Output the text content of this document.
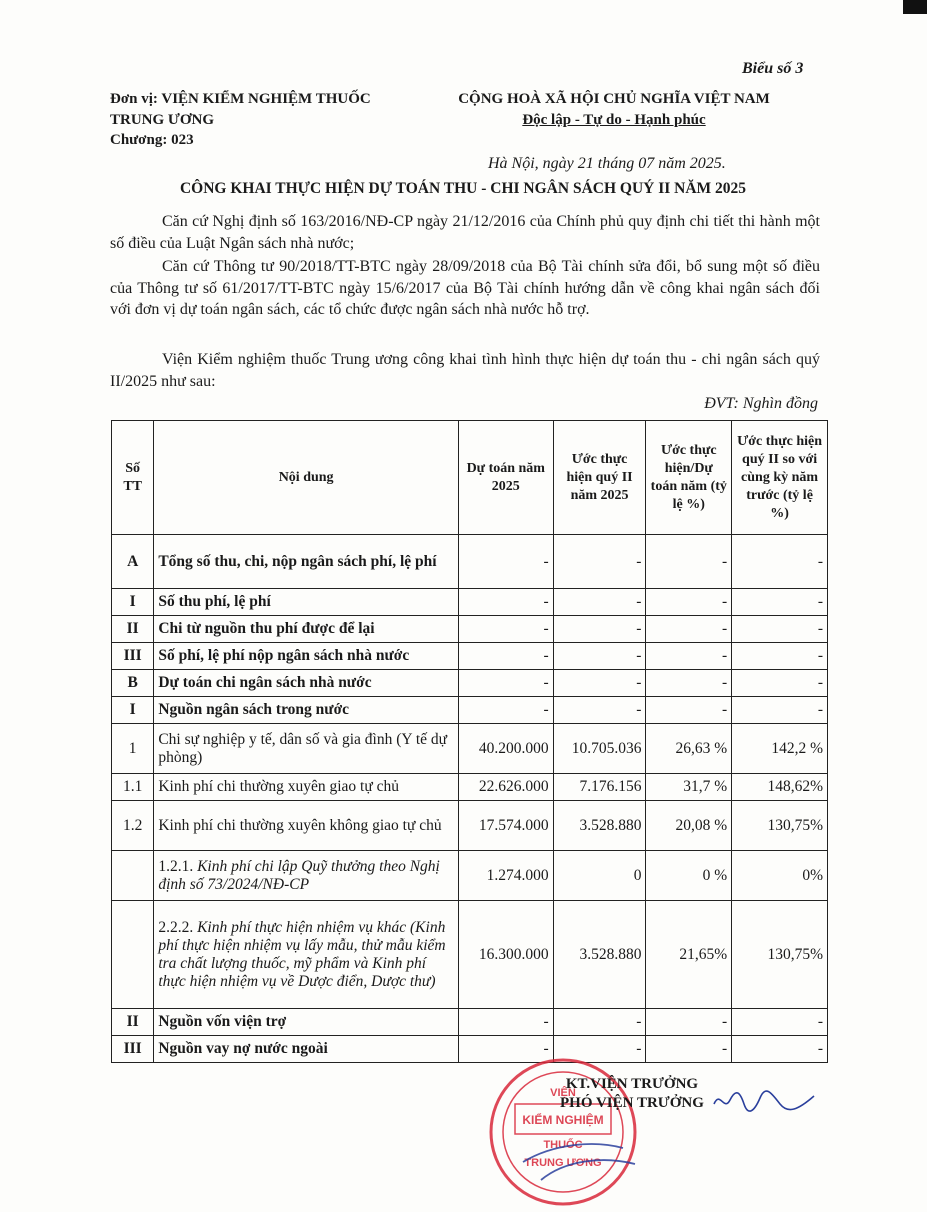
Biểu số 3
Đơn vị: VIỆN KIỂM NGHIỆM THUỐC
TRUNG ƯƠNG
Chương: 023
CỘNG HOÀ XÃ HỘI CHỦ NGHĨA VIỆT NAM
Độc lập - Tự do - Hạnh phúc
Hà Nội, ngày 21 tháng 07 năm 2025.
CÔNG KHAI THỰC HIỆN DỰ TOÁN THU - CHI NGÂN SÁCH QUÝ II NĂM 2025
Căn cứ Nghị định số 163/2016/NĐ-CP ngày 21/12/2016 của Chính phủ quy định chi tiết thi hành một số điều của Luật Ngân sách nhà nước;
Căn cứ Thông tư 90/2018/TT-BTC ngày 28/09/2018 của Bộ Tài chính sửa đổi, bổ sung một số điều của Thông tư số 61/2017/TT-BTC ngày 15/6/2017 của Bộ Tài chính hướng dẫn về công khai ngân sách đối với đơn vị dự toán ngân sách, các tổ chức được ngân sách nhà nước hỗ trợ.
Viện Kiểm nghiệm thuốc Trung ương công khai tình hình thực hiện dự toán thu - chi ngân sách quý II/2025 như sau:
ĐVT: Nghìn đồng
Số TT	Nội dung	Dự toán năm 2025	Ước thực hiện quý II năm 2025	Ước thực hiện/Dự toán năm (tỷ lệ %)	Ước thực hiện quý II so với cùng kỳ năm trước (tỷ lệ %)
A	Tổng số thu, chi, nộp ngân sách phí, lệ phí	-	-	-	-
I	Số thu phí, lệ phí	-	-	-	-
II	Chi từ nguồn thu phí được để lại	-	-	-	-
III	Số phí, lệ phí nộp ngân sách nhà nước	-	-	-	-
B	Dự toán chi ngân sách nhà nước	-	-	-	-
I	Nguồn ngân sách trong nước	-	-	-	-
1	Chi sự nghiệp y tế, dân số và gia đình (Y tế dự phòng)	40.200.000	10.705.036	26,63 %	142,2 %
1.1	Kinh phí chi thường xuyên giao tự chủ	22.626.000	7.176.156	31,7 %	148,62%
1.2	Kinh phí chi thường xuyên không giao tự chủ	17.574.000	3.528.880	20,08 %	130,75%
	1.2.1. Kinh phí chi lập Quỹ thưởng theo Nghị định số 73/2024/NĐ-CP	1.274.000	0	0 %	0%
	2.2.2. Kinh phí thực hiện nhiệm vụ khác (Kinh phí thực hiện nhiệm vụ lấy mẫu, thử mẫu kiểm tra chất lượng thuốc, mỹ phẩm và Kinh phí thực hiện nhiệm vụ về Dược điển, Dược thư)	16.300.000	3.528.880	21,65%	130,75%
II	Nguồn vốn viện trợ	-	-	-	-
III	Nguồn vay nợ nước ngoài	-	-	-	-
VIỆN
KIỂM NGHIỆM
THUỐC
TRUNG ƯƠNG
KT.VIỆN TRƯỞNG
PHÓ VIỆN TRƯỞNG
